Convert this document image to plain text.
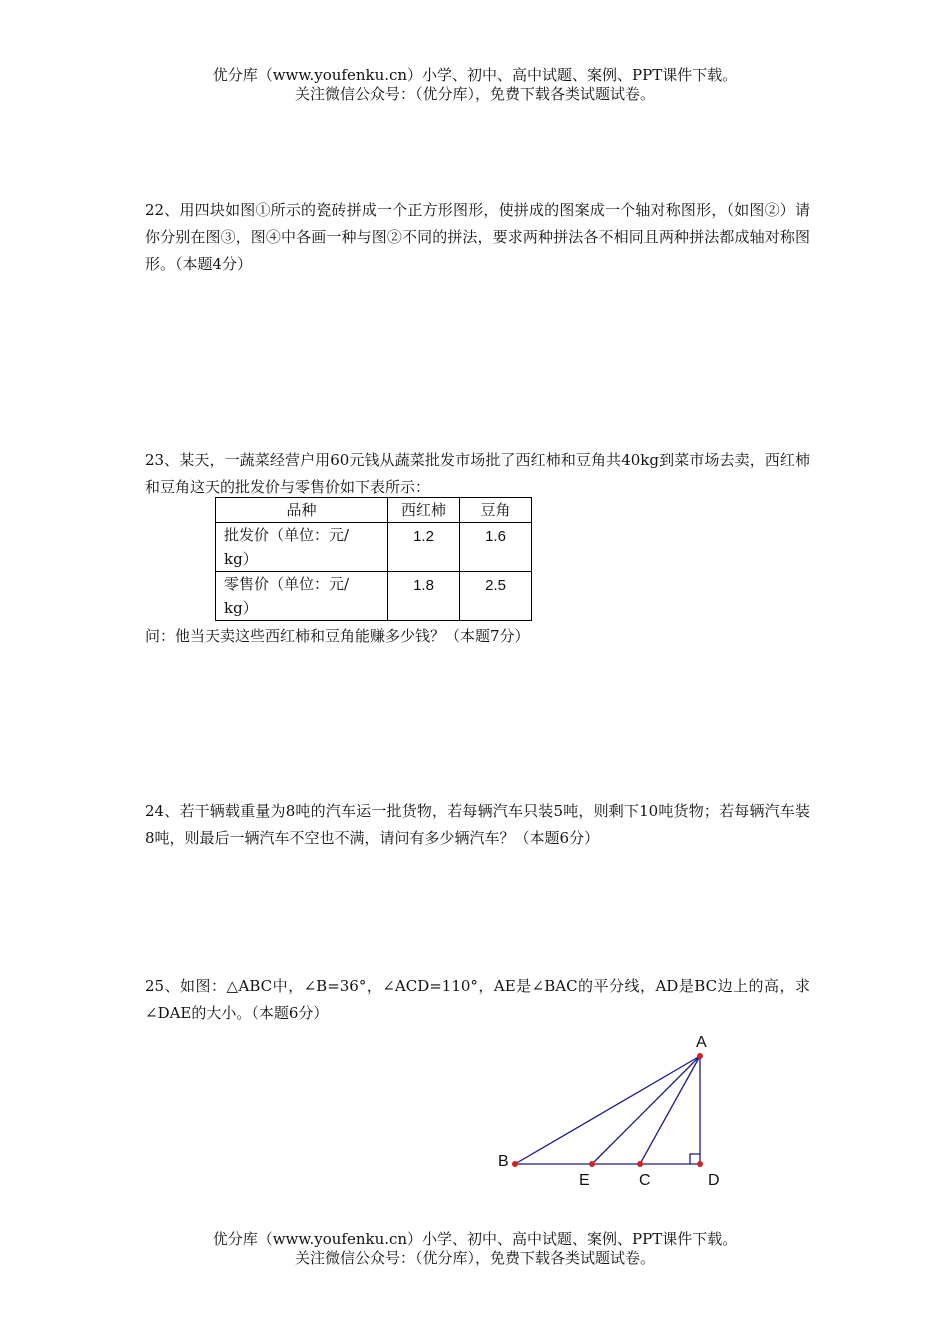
优分库（www.youfenku.cn）小学、初中、高中试题、案例、PPT课件下载。
关注微信公众号：（优分库），免费下载各类试题试卷。

22、用四块如图①所示的瓷砖拼成一个正方形图形，使拼成的图案成一个轴对称图形，（如图②）请你分别在图③，图④中各画一种与图②不同的拼法，要求两种拼法各不相同且两种拼法都成轴对称图形。（本题4分）

23、某天，一蔬菜经营户用60元钱从蔬菜批发市场批了西红柿和豆角共40kg到菜市场去卖，西红柿和豆角这天的批发价与零售价如下表所示：

品种	西红柿	豆角

批发价（单位：元/
kg）	1.2	1.6

零售价（单位：元/
kg）	1.8	2.5

问：他当天卖这些西红柿和豆角能赚多少钱？（本题7分）

24、若干辆载重量为8吨的汽车运一批货物，若每辆汽车只装5吨，则剩下10吨货物；若每辆汽车装8吨，则最后一辆汽车不空也不满，请问有多少辆汽车？（本题6分）

25、如图：△ABC中，∠B=36°，∠ACD=110°，AE是∠BAC的平分线，AD是BC边上的高，求∠DAE的大小。（本题6分）

A
B
E	C	D
优分库（www.youfenku.cn）小学、初中、高中试题、案例、PPT课件下载。
关注微信公众号：（优分库），免费下载各类试题试卷。
